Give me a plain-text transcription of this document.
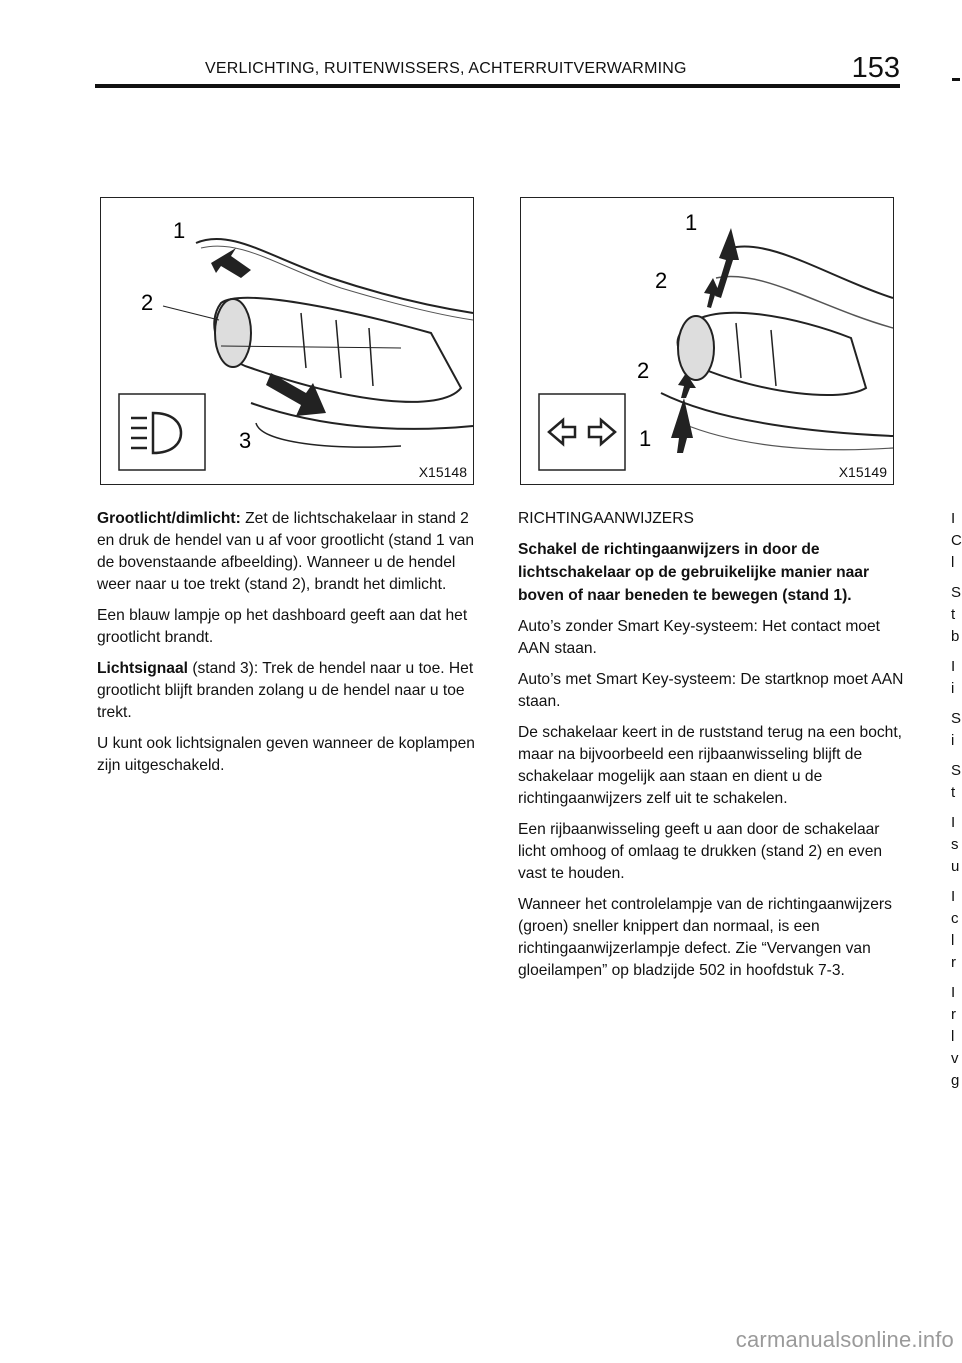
VERLICHTING, RUITENWISSERS, ACHTERRUITVERWARMING	153
1
2
3
X15148
1
2
2
1
X15149

Grootlicht/dimlicht: Zet de lichtschakelaar in stand 2 en druk de hendel van u af voor grootlicht (stand 1 van de bovenstaande afbeelding). Wanneer u de hendel weer naar u toe trekt (stand 2), brandt het dimlicht.

Een blauw lampje op het dashboard geeft aan dat het grootlicht brandt.

Lichtsignaal (stand 3): Trek de hendel naar u toe. Het grootlicht blijft branden zolang u de hendel naar u toe trekt.

U kunt ook lichtsignalen geven wanneer de koplampen zijn uitgeschakeld.

RICHTINGAANWIJZERS

Schakel de richtingaanwijzers in door de lichtschakelaar op de gebruikelijke manier naar boven of naar beneden te bewegen (stand 1).

Auto’s zonder Smart Key-systeem: Het contact moet AAN staan.

Auto’s met Smart Key-systeem: De startknop moet AAN staan.

De schakelaar keert in de ruststand terug na een bocht, maar na bijvoorbeeld een rijbaanwisseling blijft de schakelaar mogelijk aan staan en dient u de richtingaanwijzers zelf uit te schakelen.

Een rijbaanwisseling geeft u aan door de schakelaar licht omhoog of omlaag te drukken (stand 2) en even vast te houden.

Wanneer het controlelampje van de richtingaanwijzers (groen) sneller knippert dan normaal, is een richtingaanwijzerlampje defect. Zie “Vervangen van gloeilampen” op bladzijde 502 in hoofdstuk 7-3.

I
C
l
S
t
b
I
i
S
i
S
t
I
s
u
I
c
l
r
I
r
l
v
g
carmanualsonline.info
